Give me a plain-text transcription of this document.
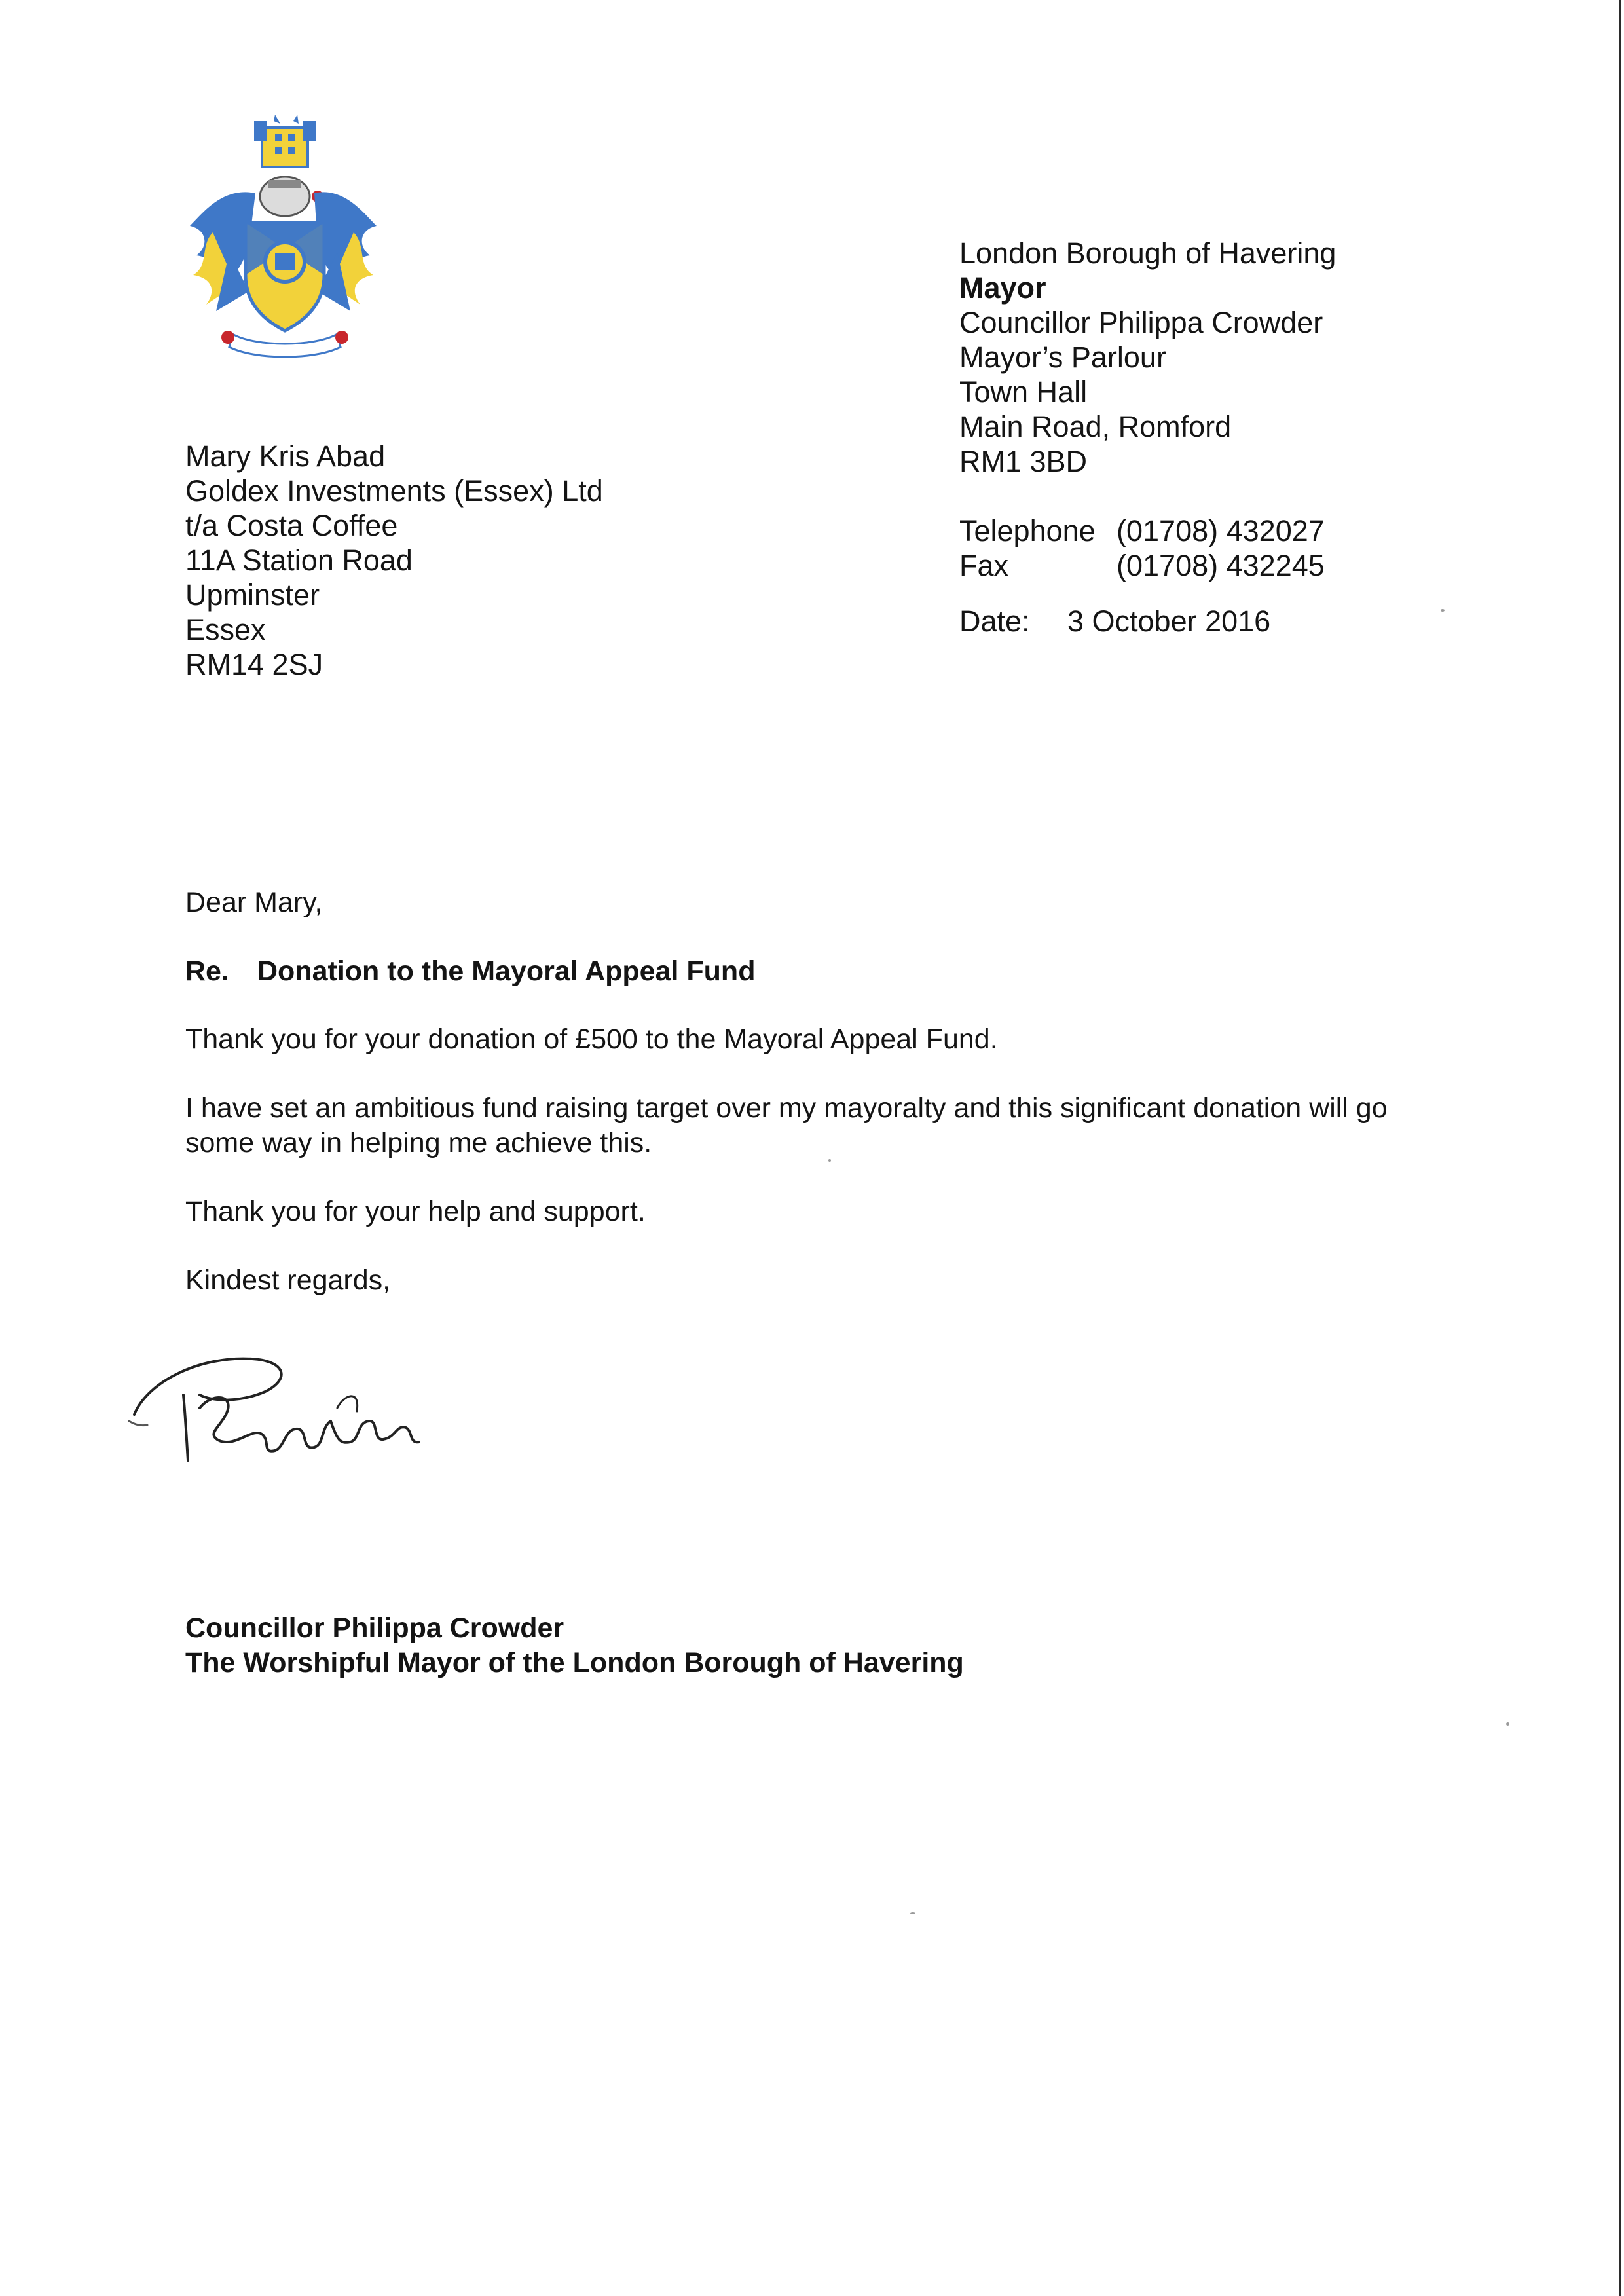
London Borough of Havering
Mayor
Councillor Philippa Crowder
Mayor’s Parlour
Town Hall
Main Road, Romford
RM1 3BD
Telephone (01708) 432027
Fax	(01708) 432245
Date:	3 October 2016
Mary Kris Abad
Goldex Investments (Essex) Ltd
t/a Costa Coffee
11A Station Road
Upminster
Essex
RM14 2SJ

Dear Mary,

Re.	Donation to the Mayoral Appeal Fund

Thank you for your donation of £500 to the Mayoral Appeal Fund.

I have set an ambitious fund raising target over my mayoralty and this significant donation will go some way in helping me achieve this.

Thank you for your help and support.

Kindest regards,

Councillor Philippa Crowder
The Worshipful Mayor of the London Borough of Havering
